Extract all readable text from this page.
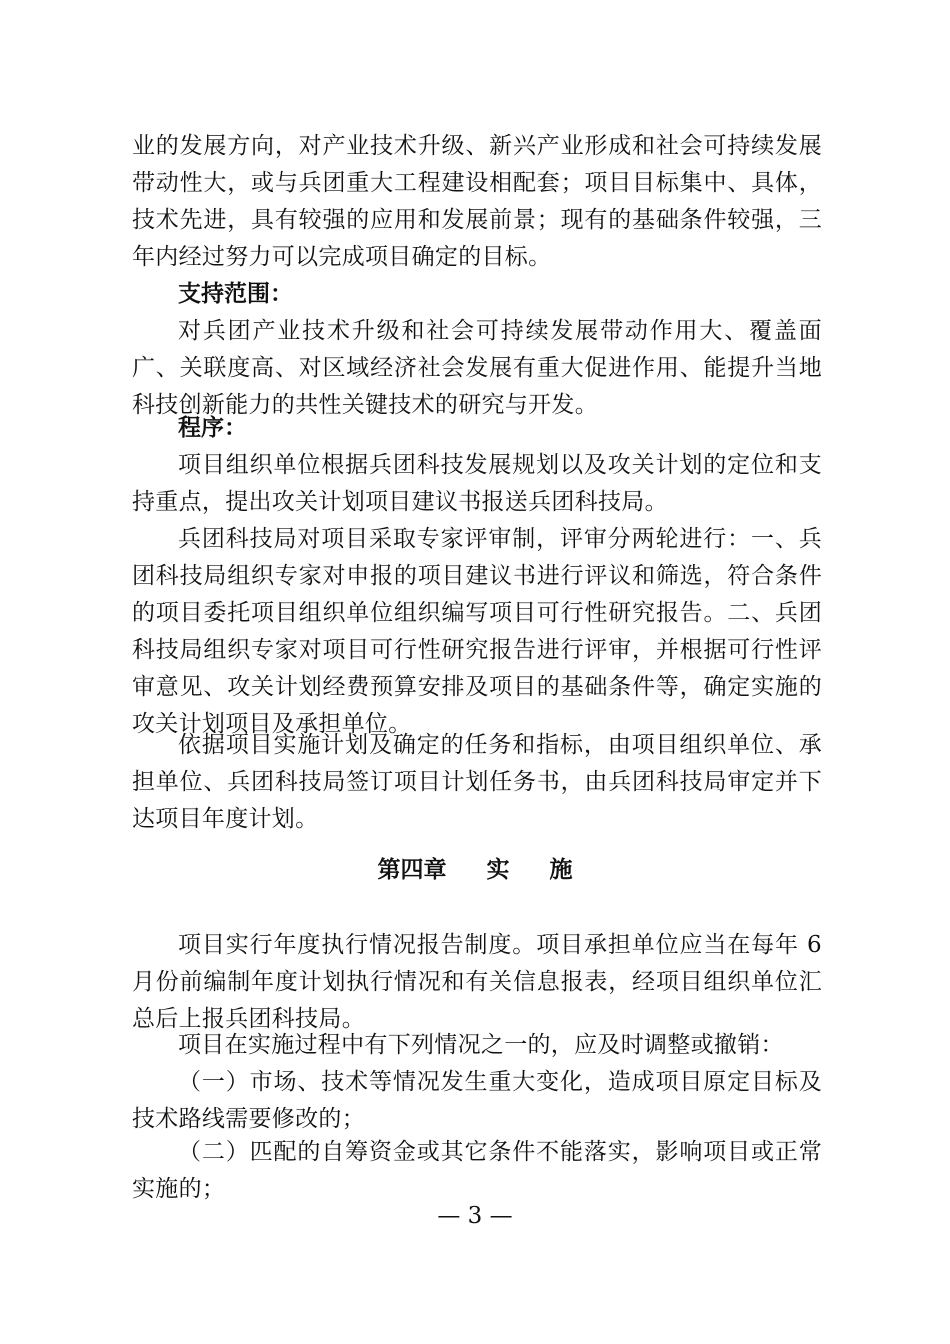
业的发展方向，对产业技术升级、新兴产业形成和社会可持续发展带动性大，或与兵团重大工程建设相配套；项目目标集中、具体，技术先进，具有较强的应用和发展前景；现有的基础条件较强，三年内经过努力可以完成项目确定的目标。

支持范围：

对兵团产业技术升级和社会可持续发展带动作用大、覆盖面广、关联度高、对区域经济社会发展有重大促进作用、能提升当地科技创新能力的共性关键技术的研究与开发。

程序：

项目组织单位根据兵团科技发展规划以及攻关计划的定位和支持重点，提出攻关计划项目建议书报送兵团科技局。

兵团科技局对项目采取专家评审制，评审分两轮进行：一、兵团科技局组织专家对申报的项目建议书进行评议和筛选，符合条件的项目委托项目组织单位组织编写项目可行性研究报告。二、兵团科技局组织专家对项目可行性研究报告进行评审，并根据可行性评审意见、攻关计划经费预算安排及项目的基础条件等，确定实施的攻关计划项目及承担单位。

依据项目实施计划及确定的任务和指标，由项目组织单位、承担单位、兵团科技局签订项目计划任务书，由兵团科技局审定并下达项目年度计划。

第四章     实     施

项目实行年度执行情况报告制度。项目承担单位应当在每年 6 月份前编制年度计划执行情况和有关信息报表，经项目组织单位汇总后上报兵团科技局。

项目在实施过程中有下列情况之一的，应及时调整或撤销：

（一）市场、技术等情况发生重大变化，造成项目原定目标及技术路线需要修改的；

（二）匹配的自筹资金或其它条件不能落实，影响项目或正常实施的；

— 3 —
